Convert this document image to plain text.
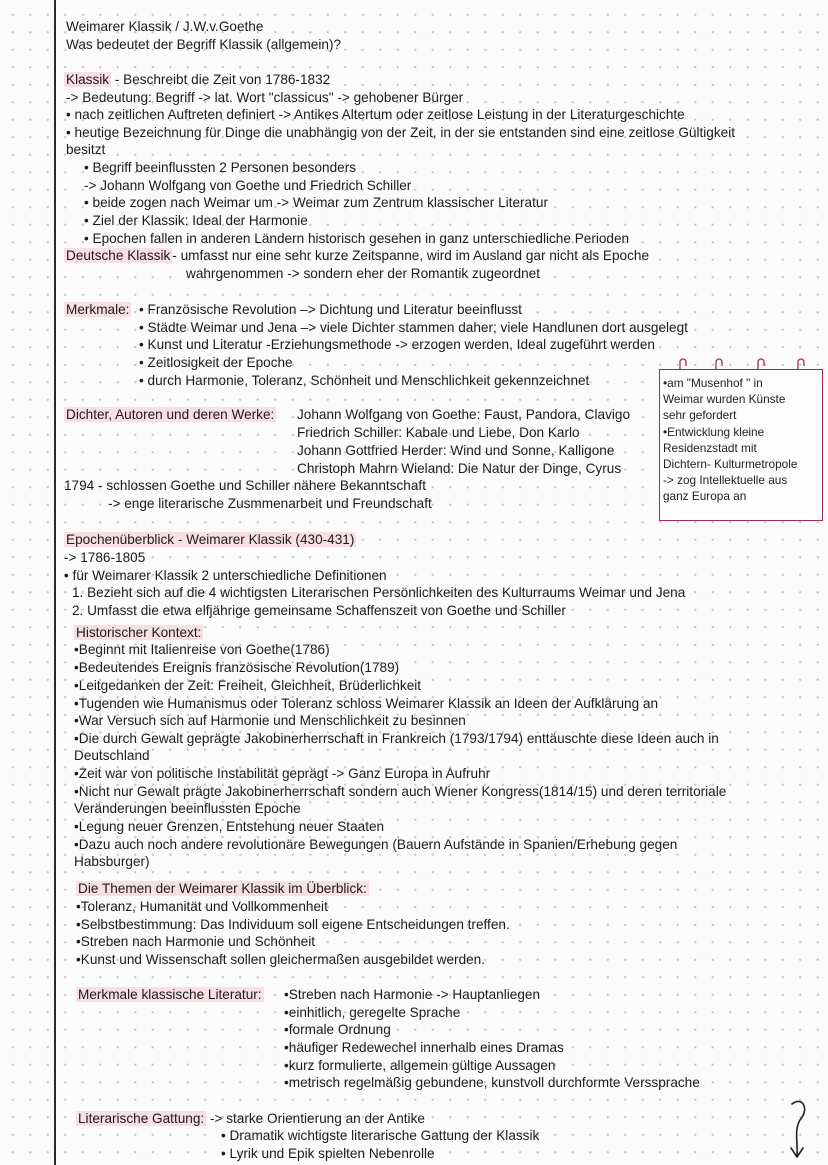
Weimarer Klassik / J.W.v.Goethe
Was bedeutet der Begriff Klassik (allgemein)?
Klassik - Beschreibt die Zeit von 1786-1832
-> Bedeutung: Begriff -> lat. Wort "classicus" -> gehobener Bürger
• nach zeitlichen Auftreten definiert -> Antikes Altertum oder zeitlose Leistung in der Literaturgeschichte
• heutige Bezeichnung für Dinge die unabhängig von der Zeit, in der sie entstanden sind eine zeitlose Gültigkeit
besitzt
• Begriff beeinflussten 2 Personen besonders
-> Johann Wolfgang von Goethe und Friedrich Schiller
• beide zogen nach Weimar um -> Weimar zum Zentrum klassischer Literatur
• Ziel der Klassik: Ideal der Harmonie
• Epochen fallen in anderen Ländern historisch gesehen in ganz unterschiedliche Perioden
Deutsche Klassik - umfasst nur eine sehr kurze Zeitspanne, wird im Ausland gar nicht als Epoche
wahrgenommen -> sondern eher der Romantik zugeordnet
Merkmale: • Französische Revolution –> Dichtung und Literatur beeinflusst
• Städte Weimar und Jena –> viele Dichter stammen daher; viele Handlunen dort ausgelegt
• Kunst und Literatur -Erziehungsmethode -> erzogen werden, Ideal zugeführt werden
• Zeitlosigkeit der Epoche
• durch Harmonie, Toleranz, Schönheit und Menschlichkeit gekennzeichnet
Dichter, Autoren und deren Werke: Johann Wolfgang von Goethe: Faust, Pandora, Clavigo
Friedrich Schiller: Kabale und Liebe, Don Karlo
Johann Gottfried Herder: Wind und Sonne, Kalligone
Christoph Mahrn Wieland: Die Natur der Dinge, Cyrus
1794 - schlossen Goethe und Schiller nähere Bekanntschaft
-> enge literarische Zusmmenarbeit und Freundschaft
•am "Musenhof " in
Weimar wurden Künste
sehr gefordert
•Entwicklung kleine
Residenzstadt mit
Dichtern- Kulturmetropole
-> zog Intellektuelle aus
ganz Europa an
Epochenüberblick - Weimarer Klassik (430-431)
-> 1786-1805
• für Weimarer Klassik 2 unterschiedliche Definitionen
1. Bezieht sich auf die 4 wichtigsten Literarischen Persönlichkeiten des Kulturraums Weimar und Jena
2. Umfasst die etwa elfjährige gemeinsame Schaffenszeit von Goethe und Schiller
Historischer Kontext:
•Beginnt mit Italienreise von Goethe(1786)
•Bedeutendes Ereignis französische Revolution(1789)
•Leitgedanken der Zeit: Freiheit, Gleichheit, Brüderlichkeit
•Tugenden wie Humanismus oder Toleranz schloss Weimarer Klassik an Ideen der Aufklärung an
•War Versuch sich auf Harmonie und Menschlichkeit zu besinnen
•Die durch Gewalt geprägte Jakobinerherrschaft in Frankreich (1793/1794) enttäuschte diese Ideen auch in
Deutschland
•Zeit war von politische Instabilität geprägt -> Ganz Europa in Aufruhr
•Nicht nur Gewalt prägte Jakobinerherrschaft sondern auch Wiener Kongress(1814/15) und deren territoriale
Veränderungen beeinflussten Epoche
•Legung neuer Grenzen, Entstehung neuer Staaten
•Dazu auch noch andere revolutionäre Bewegungen (Bauern Aufstände in Spanien/Erhebung gegen
Habsburger)
Die Themen der Weimarer Klassik im Überblick:
•Toleranz, Humanität und Vollkommenheit
•Selbstbestimmung: Das Individuum soll eigene Entscheidungen treffen.
•Streben nach Harmonie und Schönheit
•Kunst und Wissenschaft sollen gleichermaßen ausgebildet werden.
Merkmale klassische Literatur: •Streben nach Harmonie -> Hauptanliegen
•einhitlich, geregelte Sprache
•formale Ordnung
•häufiger Redewechel innerhalb eines Dramas
•kurz formulierte, allgemein gültige Aussagen
•metrisch regelmäßig gebundene, kunstvoll durchformte Verssprache
Literarische Gattung: -> starke Orientierung an der Antike
• Dramatik wichtigste literarische Gattung der Klassik
• Lyrik und Epik spielten Nebenrolle
